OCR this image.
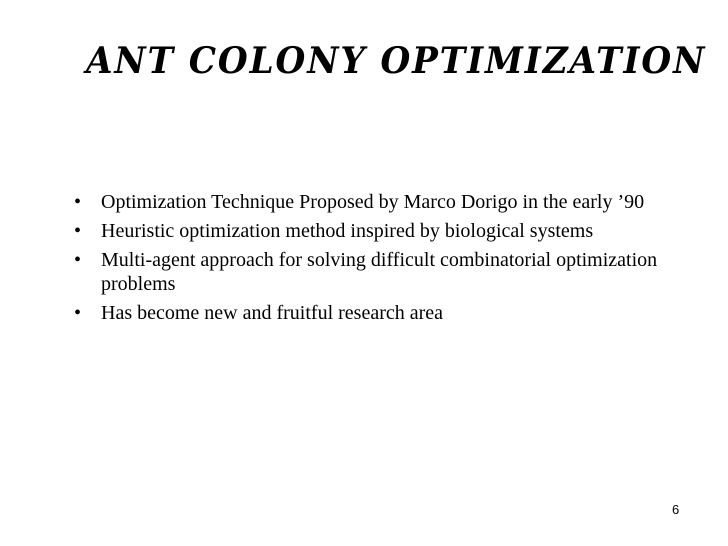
ANT COLONY OPTIMIZATION
• Optimization Technique Proposed by Marco Dorigo in the early ’90
• Heuristic optimization method inspired by biological systems
• Multi-agent approach for solving difficult combinatorial optimization problems
• Has become new and fruitful research area
6
